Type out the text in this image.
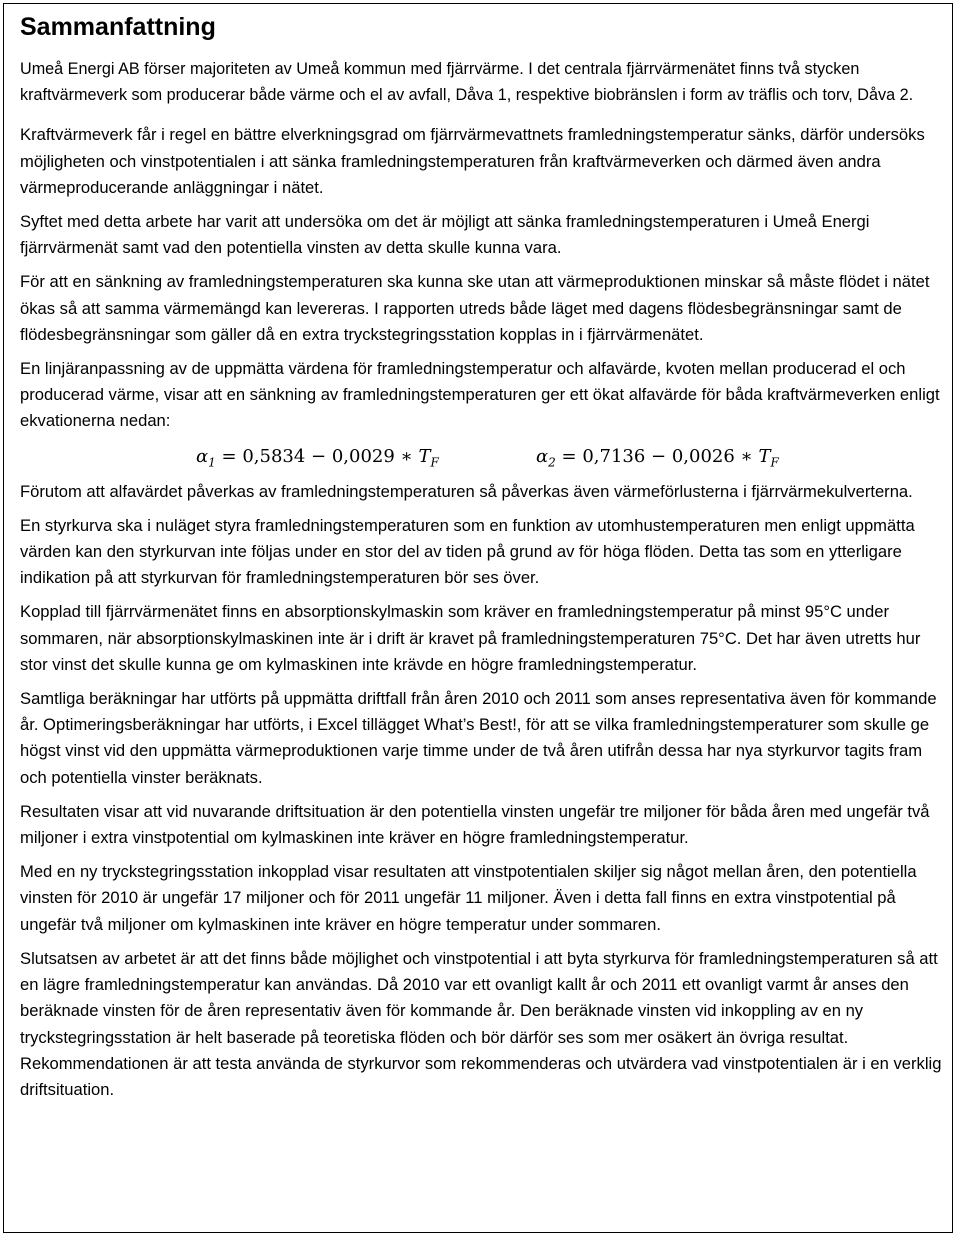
Sammanfattning

Umeå Energi AB förser majoriteten av Umeå kommun med fjärrvärme. I det centrala fjärrvärmenätet finns två stycken kraftvärmeverk som producerar både värme och el av avfall, Dåva 1, respektive biobränslen i form av träflis och torv, Dåva 2.

Kraftvärmeverk får i regel en bättre elverkningsgrad om fjärrvärmevattnets framledningstemperatur sänks, därför undersöks möjligheten och vinstpotentialen i att sänka framledningstemperaturen från kraftvärmeverken och därmed även andra värmeproducerande anläggningar i nätet.

Syftet med detta arbete har varit att undersöka om det är möjligt att sänka framledningstemperaturen i Umeå Energi fjärrvärmenät samt vad den potentiella vinsten av detta skulle kunna vara.

För att en sänkning av framledningstemperaturen ska kunna ske utan att värmeproduktionen minskar så måste flödet i nätet ökas så att samma värmemängd kan levereras. I rapporten utreds både läget med dagens flödesbegränsningar samt de flödesbegränsningar som gäller då en extra tryckstegringsstation kopplas in i fjärrvärmenätet.

En linjäranpassning av de uppmätta värdena för framledningstemperatur och alfavärde, kvoten mellan producerad el och producerad värme, visar att en sänkning av framledningstemperaturen ger ett ökat alfavärde för båda kraftvärmeverken enligt ekvationerna nedan:

$\alpha_1 = 0,5834 - 0,0029$ ∗ $T_F$	$\alpha_2 = 0,7136 - 0,0026$ ∗ $T_F$

Förutom att alfavärdet påverkas av framledningstemperaturen så påverkas även värmeförlusterna i fjärrvärmekulverterna.

En styrkurva ska i nuläget styra framledningstemperaturen som en funktion av utomhustemperaturen men enligt uppmätta värden kan den styrkurvan inte följas under en stor del av tiden på grund av för höga flöden. Detta tas som en ytterligare indikation på att styrkurvan för framledningstemperaturen bör ses över.

Kopplad till fjärrvärmenätet finns en absorptionskylmaskin som kräver en framledningstemperatur på minst 95°C under sommaren, när absorptionskylmaskinen inte är i drift är kravet på framledningstemperaturen 75°C. Det har även utretts hur stor vinst det skulle kunna ge om kylmaskinen inte krävde en högre framledningstemperatur.

Samtliga beräkningar har utförts på uppmätta driftfall från åren 2010 och 2011 som anses representativa även för kommande år. Optimeringsberäkningar har utförts, i Excel tillägget What’s Best!, för att se vilka framledningstemperaturer som skulle ge högst vinst vid den uppmätta värmeproduktionen varje timme under de två åren utifrån dessa har nya styrkurvor tagits fram och potentiella vinster beräknats.

Resultaten visar att vid nuvarande driftsituation är den potentiella vinsten ungefär tre miljoner för båda åren med ungefär två miljoner i extra vinstpotential om kylmaskinen inte kräver en högre framledningstemperatur.

Med en ny tryckstegringsstation inkopplad visar resultaten att vinstpotentialen skiljer sig något mellan åren, den potentiella vinsten för 2010 är ungefär 17 miljoner och för 2011 ungefär 11 miljoner. Även i detta fall finns en extra vinstpotential på ungefär två miljoner om kylmaskinen inte kräver en högre temperatur under sommaren.

Slutsatsen av arbetet är att det finns både möjlighet och vinstpotential i att byta styrkurva för framledningstemperaturen så att en lägre framledningstemperatur kan användas. Då 2010 var ett ovanligt kallt år och 2011 ett ovanligt varmt år anses den beräknade vinsten för de åren representativ även för kommande år. Den beräknade vinsten vid inkoppling av en ny tryckstegringsstation är helt baserade på teoretiska flöden och bör därför ses som mer osäkert än övriga resultat. Rekommendationen är att testa använda de styrkurvor som rekommenderas och utvärdera vad vinstpotentialen är i en verklig driftsituation.
